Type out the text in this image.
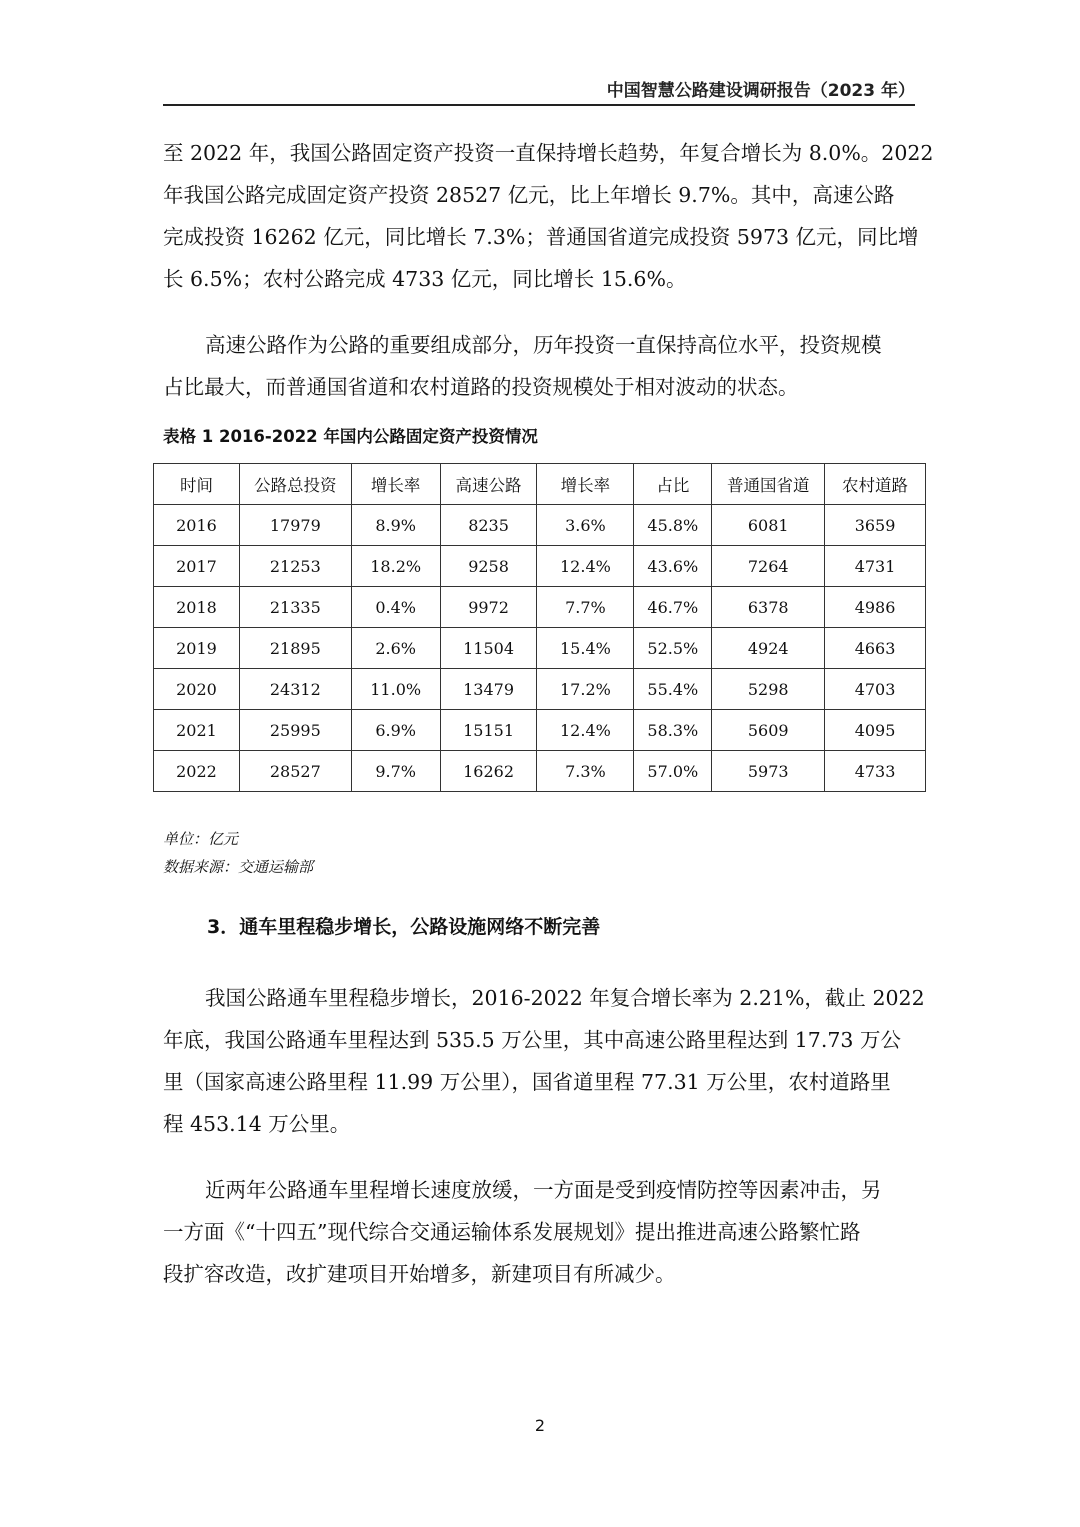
中国智慧公路建设调研报告（2023 年）

至 2022 年，我国公路固定资产投资一直保持增长趋势，年复合增长为 8.0%。2022
年我国公路完成固定资产投资 28527 亿元，比上年增长 9.7%。其中，高速公路
完成投资 16262 亿元，同比增长 7.3%；普通国省道完成投资 5973 亿元，同比增
长 6.5%；农村公路完成 4733 亿元，同比增长 15.6%。

高速公路作为公路的重要组成部分，历年投资一直保持高位水平，投资规模
占比最大，而普通国省道和农村道路的投资规模处于相对波动的状态。

表格 1 2016-2022 年国内公路固定资产投资情况
时间	公路总投资	增长率	高速公路	增长率	占比	普通国省道	农村道路
2016	17979	8.9%	8235	3.6%	45.8%	6081	3659
2017	21253	18.2%	9258	12.4%	43.6%	7264	4731
2018	21335	0.4%	9972	7.7%	46.7%	6378	4986
2019	21895	2.6%	11504	15.4%	52.5%	4924	4663
2020	24312	11.0%	13479	17.2%	55.4%	5298	4703
2021	25995	6.9%	15151	12.4%	58.3%	5609	4095
2022	28527	9.7%	16262	7.3%	57.0%	5973	4733
单位：亿元
数据来源：交通运输部
3．通车里程稳步增长，公路设施网络不断完善

我国公路通车里程稳步增长，2016-2022 年复合增长率为 2.21%，截止 2022
年底，我国公路通车里程达到 535.5 万公里，其中高速公路里程达到 17.73 万公
里（国家高速公路里程 11.99 万公里），国省道里程 77.31 万公里，农村道路里
程 453.14 万公里。

近两年公路通车里程增长速度放缓，一方面是受到疫情防控等因素冲击，另
一方面《“十四五”现代综合交通运输体系发展规划》提出推进高速公路繁忙路
段扩容改造，改扩建项目开始增多，新建项目有所减少。

2
